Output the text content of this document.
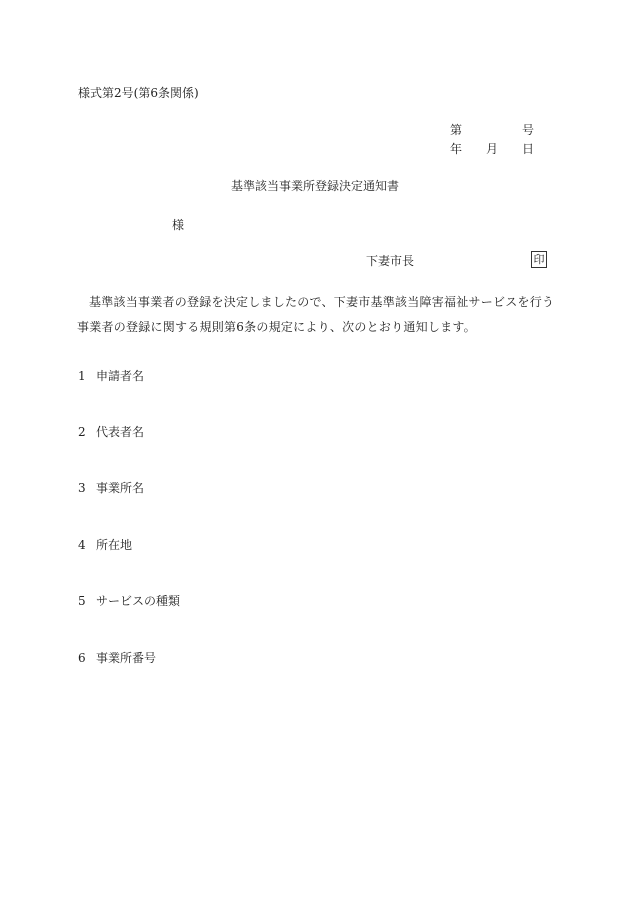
様式第2号(第6条関係)
第	号
年 月 日
基準該当事業所登録決定通知書
様
下妻市長	印
基準該当事業者の登録を決定しましたので、下妻市基準該当障害福祉サービスを行う事業者の登録に関する規則第6条の規定により、次のとおり通知します。
1 申請者名
2 代表者名
3 事業所名
4 所在地
5 サービスの種類
6 事業所番号
